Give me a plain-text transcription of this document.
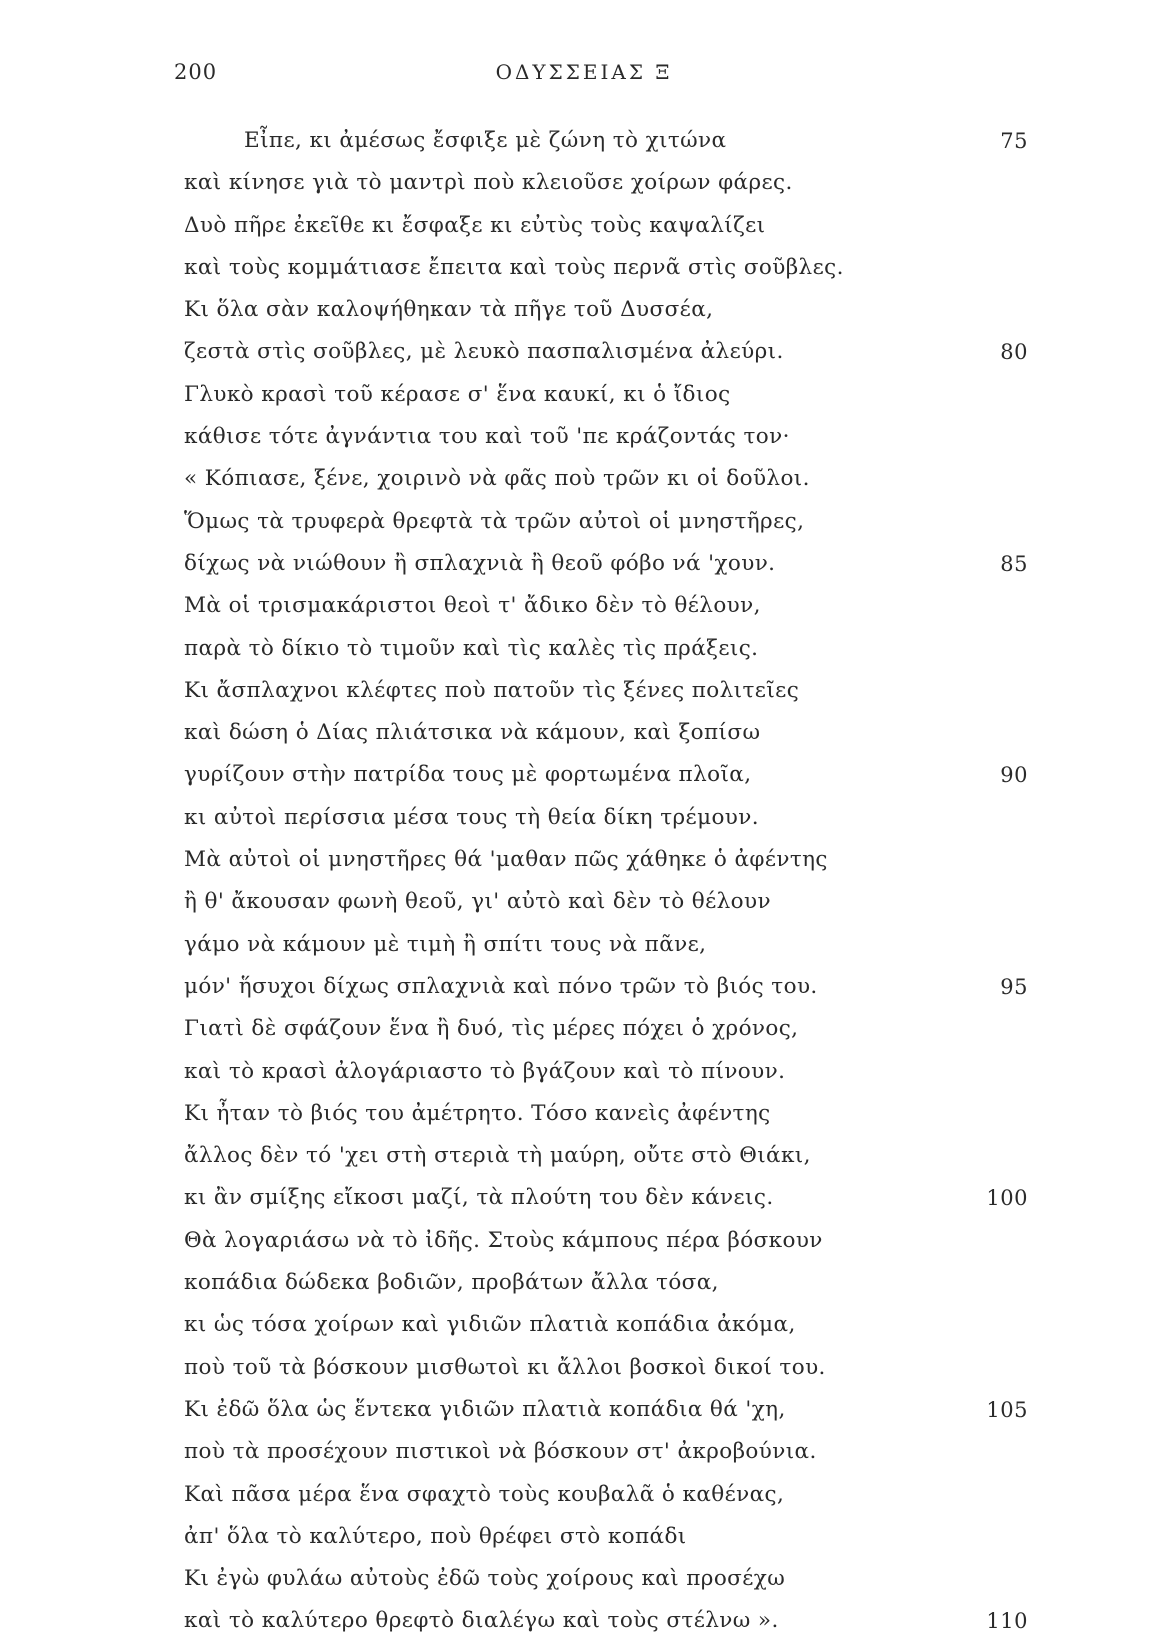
200	ΟΔΥΣΣΕΙΑΣ Ξ
Εἶπε, κι ἀμέσως ἔσφιξε μὲ ζώνη τὸ χιτώνα	75
καὶ κίνησε γιὰ τὸ μαντρὶ ποὺ κλειοῦσε χοίρων φάρες.
Δυὸ πῆρε ἐκεῖθε κι ἔσφαξε κι εὐτὺς τοὺς καψαλίζει
καὶ τοὺς κομμάτιασε ἔπειτα καὶ τοὺς περνᾶ στὶς σοῦβλες.
Κι ὅλα σὰν καλοψήθηκαν τὰ πῆγε τοῦ Δυσσέα,
ζεστὰ στὶς σοῦβλες, μὲ λευκὸ πασπαλισμένα ἀλεύρι.	80
Γλυκὸ κρασὶ τοῦ κέρασε σ' ἕνα καυκί, κι ὁ ἴδιος
κάθισε τότε ἀγνάντια του καὶ τοῦ 'πε κράζοντάς τον·
« Κόπιασε, ξένε, χοιρινὸ νὰ φᾶς ποὺ τρῶν κι οἱ δοῦλοι.
Ὅμως τὰ τρυφερὰ θρεφτὰ τὰ τρῶν αὐτοὶ οἱ μνηστῆρες,
δίχως νὰ νιώθουν ἢ σπλαχνιὰ ἢ θεοῦ φόβο νά 'χουν.	85
Μὰ οἱ τρισμακάριστοι θεοὶ τ' ἄδικο δὲν τὸ θέλουν,
παρὰ τὸ δίκιο τὸ τιμοῦν καὶ τὶς καλὲς τὶς πράξεις.
Κι ἄσπλαχνοι κλέφτες ποὺ πατοῦν τὶς ξένες πολιτεῖες
καὶ δώση ὁ Δίας πλιάτσικα νὰ κάμουν, καὶ ξοπίσω
γυρίζουν στὴν πατρίδα τους μὲ φορτωμένα πλοῖα,	90
κι αὐτοὶ περίσσια μέσα τους τὴ θεία δίκη τρέμουν.
Μὰ αὐτοὶ οἱ μνηστῆρες θά 'μαθαν πῶς χάθηκε ὁ ἀφέντης
ἢ θ' ἄκουσαν φωνὴ θεοῦ, γι' αὐτὸ καὶ δὲν τὸ θέλουν
γάμο νὰ κάμουν μὲ τιμὴ ἢ σπίτι τους νὰ πᾶνε,
μόν' ἥσυχοι δίχως σπλαχνιὰ καὶ πόνο τρῶν τὸ βιός του.	95
Γιατὶ δὲ σφάζουν ἕνα ἢ δυό, τὶς μέρες πόχει ὁ χρόνος,
καὶ τὸ κρασὶ ἀλογάριαστο τὸ βγάζουν καὶ τὸ πίνουν.
Κι ἦταν τὸ βιός του ἀμέτρητο. Τόσο κανεὶς ἀφέντης
ἄλλος δὲν τό 'χει στὴ στεριὰ τὴ μαύρη, οὔτε στὸ Θιάκι,
κι ἂν σμίξης εἴκοσι μαζί, τὰ πλούτη του δὲν κάνεις.	100
Θὰ λογαριάσω νὰ τὸ ἰδῆς. Στοὺς κάμπους πέρα βόσκουν
κοπάδια δώδεκα βοδιῶν, προβάτων ἄλλα τόσα,
κι ὡς τόσα χοίρων καὶ γιδιῶν πλατιὰ κοπάδια ἀκόμα,
ποὺ τοῦ τὰ βόσκουν μισθωτοὶ κι ἄλλοι βοσκοὶ δικοί του.
Κι ἐδῶ ὅλα ὡς ἕντεκα γιδιῶν πλατιὰ κοπάδια θά 'χη,	105
ποὺ τὰ προσέχουν πιστικοὶ νὰ βόσκουν στ' ἀκροβούνια.
Καὶ πᾶσα μέρα ἕνα σφαχτὸ τοὺς κουβαλᾶ ὁ καθένας,
ἀπ' ὅλα τὸ καλύτερο, ποὺ θρέφει στὸ κοπάδι
Κι ἐγὼ φυλάω αὐτοὺς ἐδῶ τοὺς χοίρους καὶ προσέχω
καὶ τὸ καλύτερο θρεφτὸ διαλέγω καὶ τοὺς στέλνω ».	110
